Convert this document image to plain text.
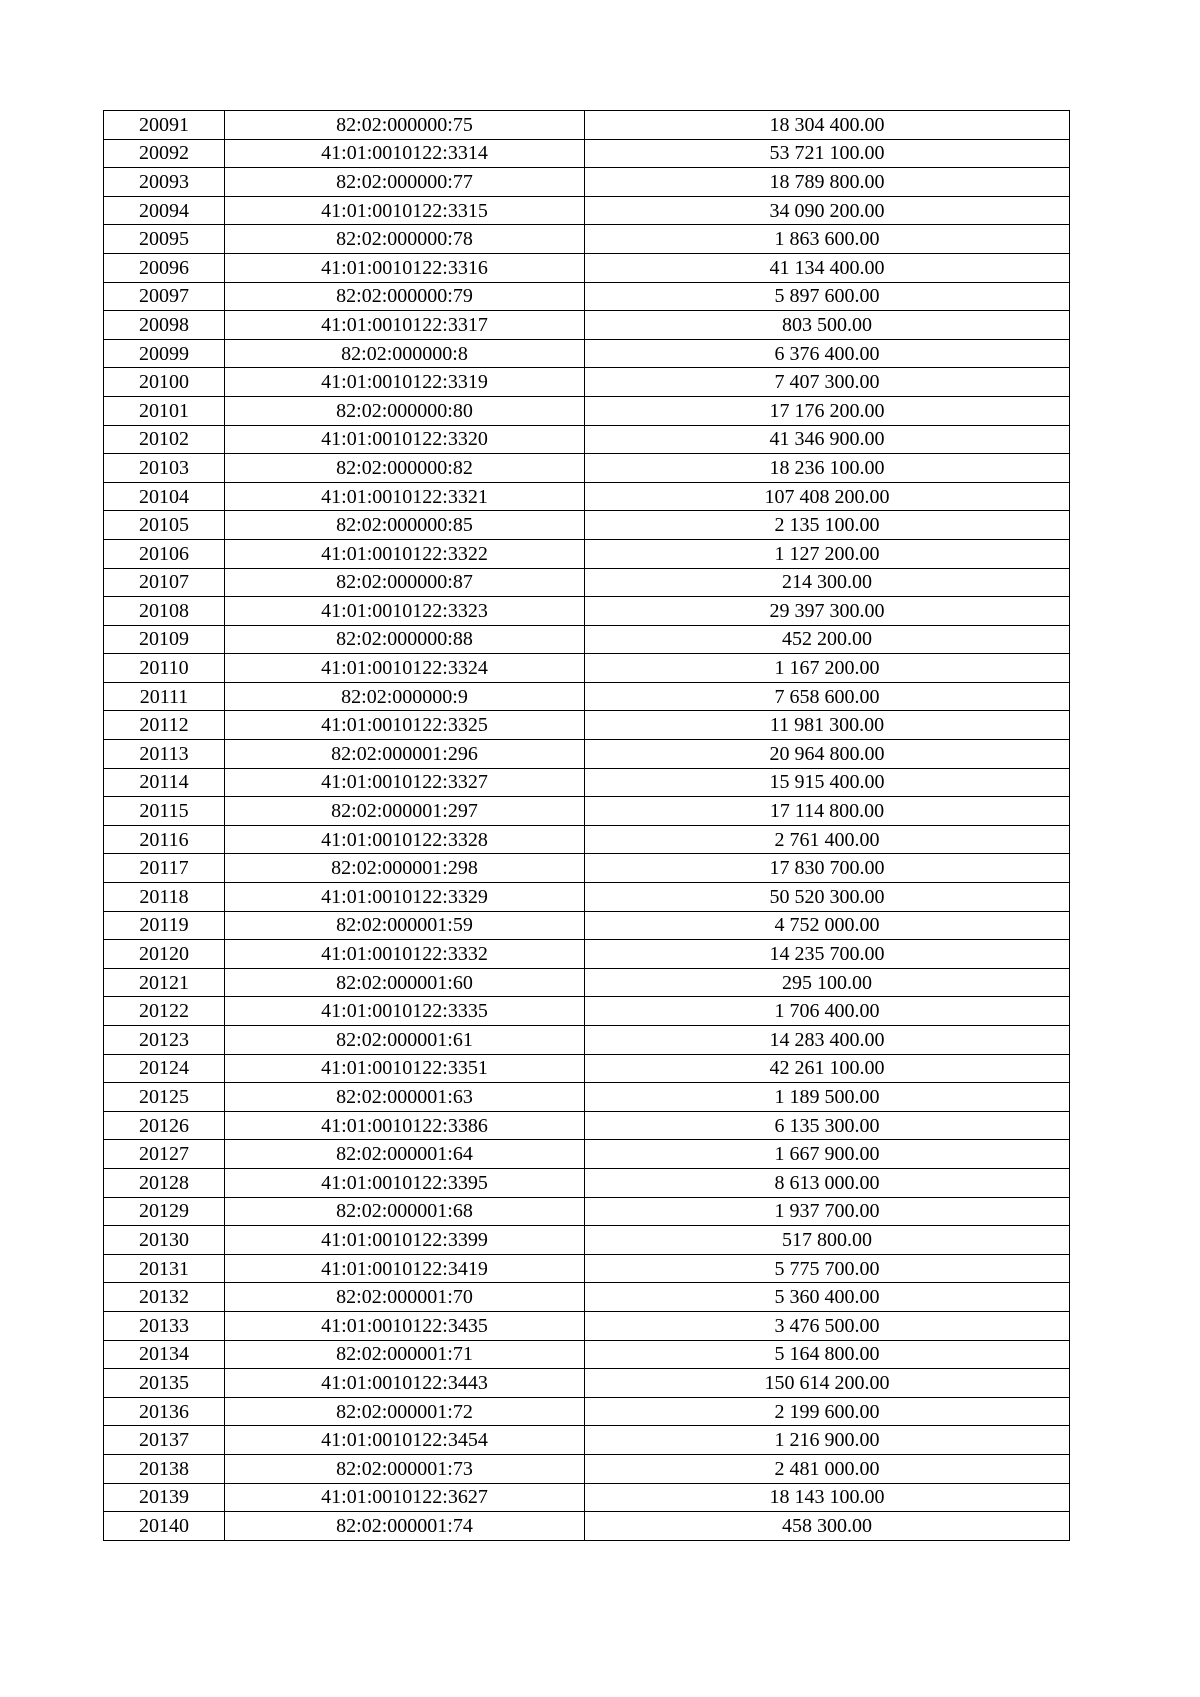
20091	82:02:000000:75	18 304 400.00
20092	41:01:0010122:3314	53 721 100.00
20093	82:02:000000:77	18 789 800.00
20094	41:01:0010122:3315	34 090 200.00
20095	82:02:000000:78	1 863 600.00
20096	41:01:0010122:3316	41 134 400.00
20097	82:02:000000:79	5 897 600.00
20098	41:01:0010122:3317	803 500.00
20099	82:02:000000:8	6 376 400.00
20100	41:01:0010122:3319	7 407 300.00
20101	82:02:000000:80	17 176 200.00
20102	41:01:0010122:3320	41 346 900.00
20103	82:02:000000:82	18 236 100.00
20104	41:01:0010122:3321	107 408 200.00
20105	82:02:000000:85	2 135 100.00
20106	41:01:0010122:3322	1 127 200.00
20107	82:02:000000:87	214 300.00
20108	41:01:0010122:3323	29 397 300.00
20109	82:02:000000:88	452 200.00
20110	41:01:0010122:3324	1 167 200.00
20111	82:02:000000:9	7 658 600.00
20112	41:01:0010122:3325	11 981 300.00
20113	82:02:000001:296	20 964 800.00
20114	41:01:0010122:3327	15 915 400.00
20115	82:02:000001:297	17 114 800.00
20116	41:01:0010122:3328	2 761 400.00
20117	82:02:000001:298	17 830 700.00
20118	41:01:0010122:3329	50 520 300.00
20119	82:02:000001:59	4 752 000.00
20120	41:01:0010122:3332	14 235 700.00
20121	82:02:000001:60	295 100.00
20122	41:01:0010122:3335	1 706 400.00
20123	82:02:000001:61	14 283 400.00
20124	41:01:0010122:3351	42 261 100.00
20125	82:02:000001:63	1 189 500.00
20126	41:01:0010122:3386	6 135 300.00
20127	82:02:000001:64	1 667 900.00
20128	41:01:0010122:3395	8 613 000.00
20129	82:02:000001:68	1 937 700.00
20130	41:01:0010122:3399	517 800.00
20131	41:01:0010122:3419	5 775 700.00
20132	82:02:000001:70	5 360 400.00
20133	41:01:0010122:3435	3 476 500.00
20134	82:02:000001:71	5 164 800.00
20135	41:01:0010122:3443	150 614 200.00
20136	82:02:000001:72	2 199 600.00
20137	41:01:0010122:3454	1 216 900.00
20138	82:02:000001:73	2 481 000.00
20139	41:01:0010122:3627	18 143 100.00
20140	82:02:000001:74	458 300.00
